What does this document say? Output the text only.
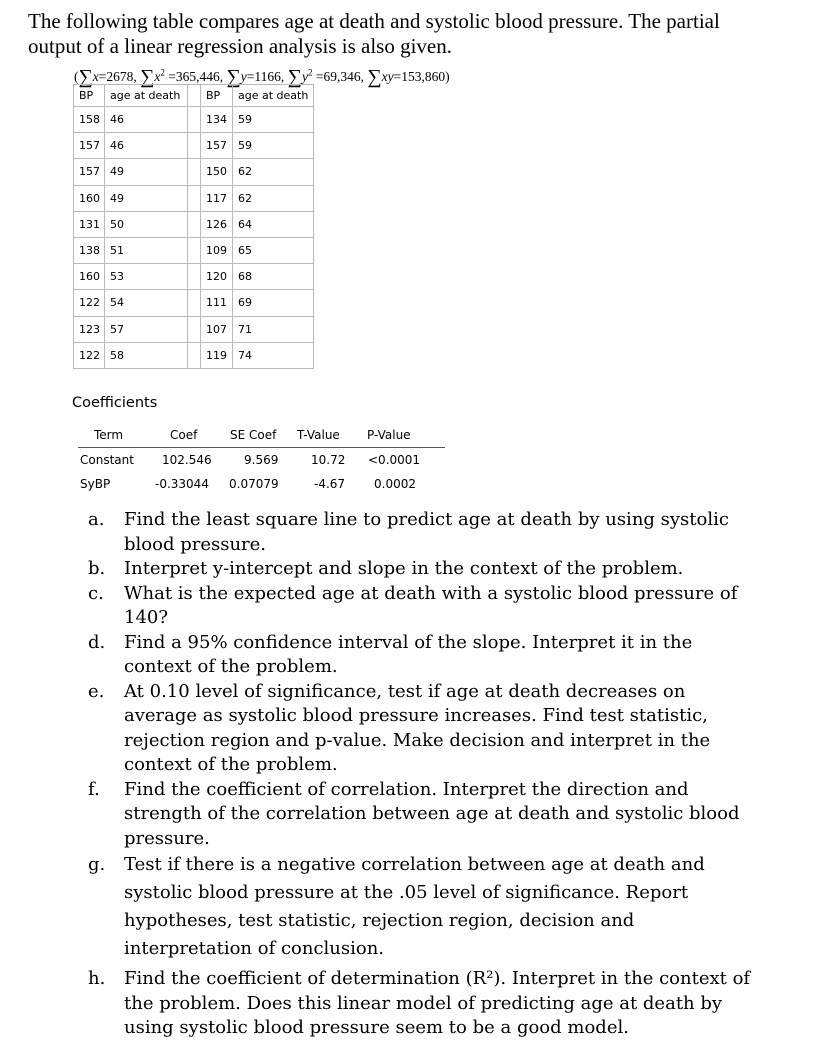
The following table compares age at death and systolic blood pressure. The partial

output of a linear regression analysis is also given.

(∑x=2678, $\sum x^2 =365,446$, ∑y=1166, $\sum y^2 =69,346$, ∑xy=153,860)
BP	age at death		BP	age at death
158	46		134	59
157	46		157	59
157	49		150	62
160	49		117	62
131	50		126	64
138	51		109	65
160	53		120	68
122	54		111	69
123	57		107	71
122	58		119	74
Coefficients
Term	Coef	SE Coef T-Value P-Value
Constant 102.546	9.569	10.72 <0.0001
SyBP	-0.33044 0.07079	-4.67 0.0002
a. Find the least square line to predict age at death by using systolic blood pressure.
b. Interpret y-intercept and slope in the context of the problem.
c. What is the expected age at death with a systolic blood pressure of 140?
d. Find a 95% confidence interval of the slope. Interpret it in the context of the problem.
e. At 0.10 level of significance, test if age at death decreases on average as systolic blood pressure increases. Find test statistic, rejection region and p-value. Make decision and interpret in the context of the problem.
f. Find the coefficient of correlation. Interpret the direction and strength of the correlation between age at death and systolic blood pressure.
g. Test if there is a negative correlation between age at death and systolic blood pressure at the .05 level of significance. Report hypotheses, test statistic, rejection region, decision and interpretation of conclusion.
h. Find the coefficient of determination (R²). Interpret in the context of the problem. Does this linear model of predicting age at death by using systolic blood pressure seem to be a good model.
